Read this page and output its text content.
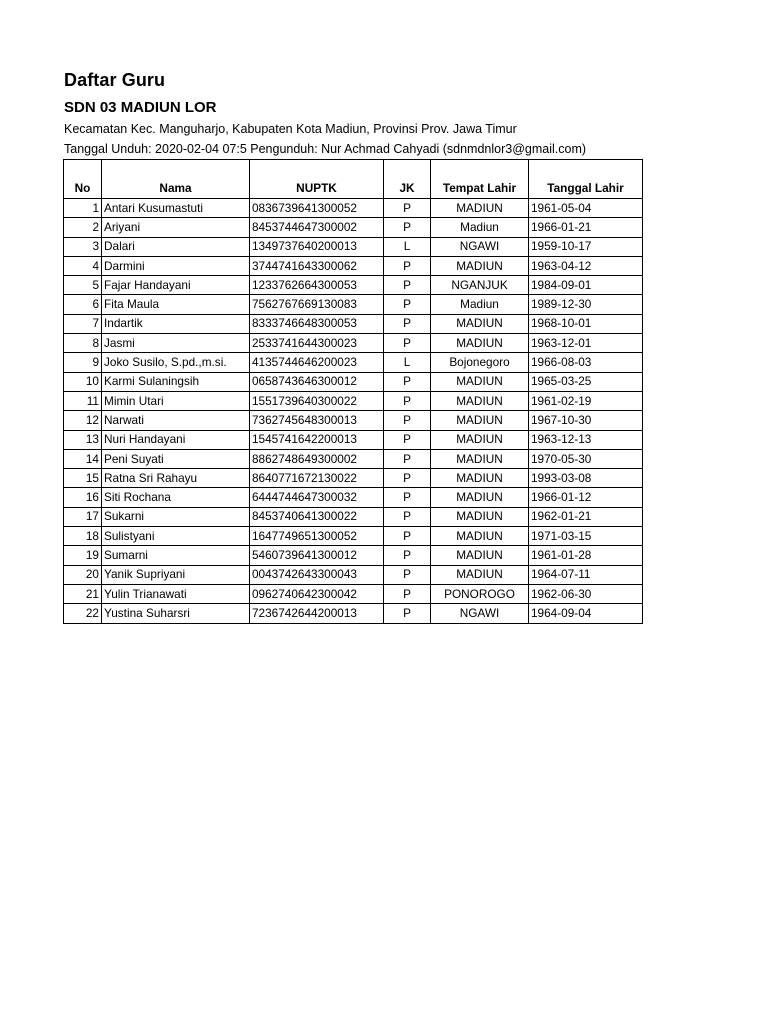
Daftar Guru
SDN 03 MADIUN LOR
Kecamatan Kec. Manguharjo, Kabupaten Kota Madiun, Provinsi Prov. Jawa Timur
Tanggal Unduh: 2020-02-04 07:5 Pengunduh: Nur Achmad Cahyadi (sdnmdnlor3@gmail.com)
No	Nama	NUPTK	JK	Tempat Lahir	Tanggal Lahir
1	Antari Kusumastuti	0836739641300052	P	MADIUN	1961-05-04
2	Ariyani	8453744647300002	P	Madiun	1966-01-21
3	Dalari	1349737640200013	L	NGAWI	1959-10-17
4	Darmini	3744741643300062	P	MADIUN	1963-04-12
5	Fajar Handayani	1233762664300053	P	NGANJUK	1984-09-01
6	Fita Maula	7562767669130083	P	Madiun	1989-12-30
7	Indartik	8333746648300053	P	MADIUN	1968-10-01
8	Jasmi	2533741644300023	P	MADIUN	1963-12-01
9	Joko Susilo, S.pd.,m.si.	4135744646200023	L	Bojonegoro	1966-08-03
10	Karmi Sulaningsih	0658743646300012	P	MADIUN	1965-03-25
11	Mimin Utari	1551739640300022	P	MADIUN	1961-02-19
12	Narwati	7362745648300013	P	MADIUN	1967-10-30
13	Nuri Handayani	1545741642200013	P	MADIUN	1963-12-13
14	Peni Suyati	8862748649300002	P	MADIUN	1970-05-30
15	Ratna Sri Rahayu	8640771672130022	P	MADIUN	1993-03-08
16	Siti Rochana	6444744647300032	P	MADIUN	1966-01-12
17	Sukarni	8453740641300022	P	MADIUN	1962-01-21
18	Sulistyani	1647749651300052	P	MADIUN	1971-03-15
19	Sumarni	5460739641300012	P	MADIUN	1961-01-28
20	Yanik Supriyani	0043742643300043	P	MADIUN	1964-07-11
21	Yulin Trianawati	0962740642300042	P	PONOROGO	1962-06-30
22	Yustina Suharsri	7236742644200013	P	NGAWI	1964-09-04
